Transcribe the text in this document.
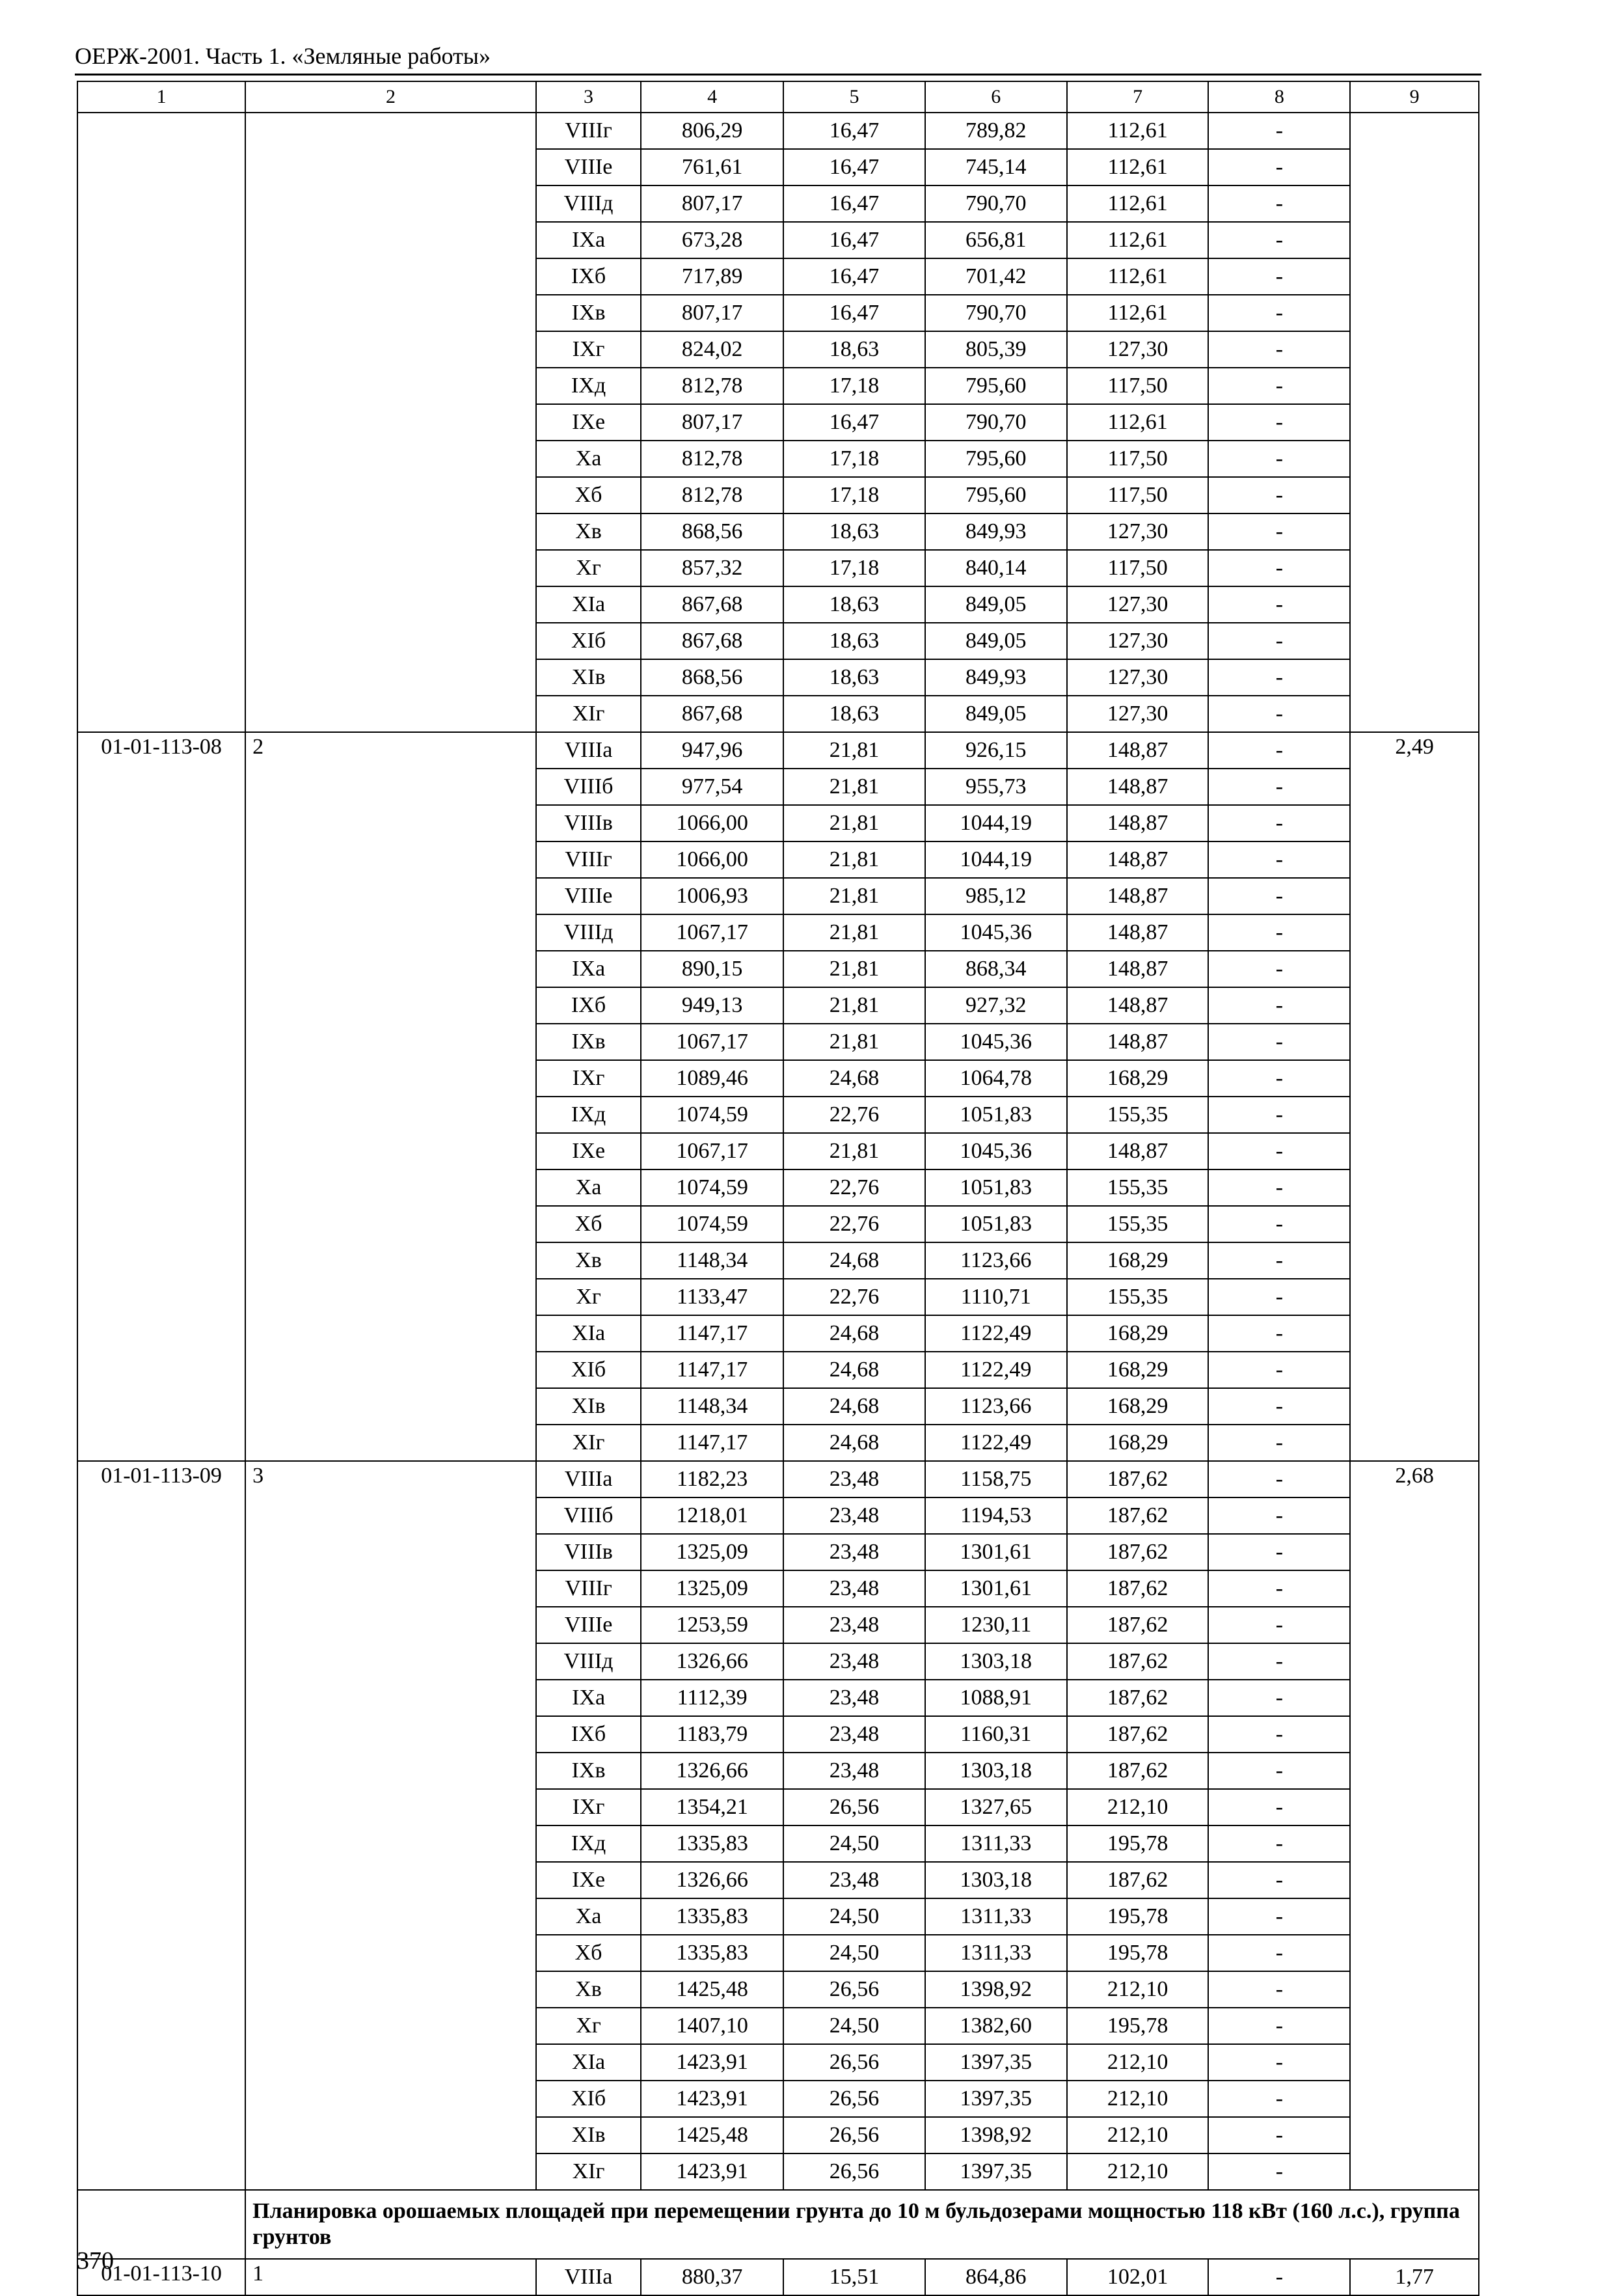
ОЕРЖ-2001. Часть 1. «Земляные работы»
1	2	3	4	5	6	7	8	9
		VIIIг	806,29	16,47	789,82	112,61	-	
		VIIIe	761,61	16,47	745,14	112,61	-	
		VIIIд	807,17	16,47	790,70	112,61	-	
		IXa	673,28	16,47	656,81	112,61	-	
		IXб	717,89	16,47	701,42	112,61	-	
		IXв	807,17	16,47	790,70	112,61	-	
		IXг	824,02	18,63	805,39	127,30	-	
		IXд	812,78	17,18	795,60	117,50	-	
		IXe	807,17	16,47	790,70	112,61	-	
		Xa	812,78	17,18	795,60	117,50	-	
		Xб	812,78	17,18	795,60	117,50	-	
		Xв	868,56	18,63	849,93	127,30	-	
		Xг	857,32	17,18	840,14	117,50	-	
		XIa	867,68	18,63	849,05	127,30	-	
		XIб	867,68	18,63	849,05	127,30	-	
		XIв	868,56	18,63	849,93	127,30	-	
		XIг	867,68	18,63	849,05	127,30	-	
01-01-113-08	2	VIIIa	947,96	21,81	926,15	148,87	-	2,49
		VIIIб	977,54	21,81	955,73	148,87	-	
		VIIIв	1066,00	21,81	1044,19	148,87	-	
		VIIIг	1066,00	21,81	1044,19	148,87	-	
		VIIIe	1006,93	21,81	985,12	148,87	-	
		VIIIд	1067,17	21,81	1045,36	148,87	-	
		IXa	890,15	21,81	868,34	148,87	-	
		IXб	949,13	21,81	927,32	148,87	-	
		IXв	1067,17	21,81	1045,36	148,87	-	
		IXг	1089,46	24,68	1064,78	168,29	-	
		IXд	1074,59	22,76	1051,83	155,35	-	
		IXe	1067,17	21,81	1045,36	148,87	-	
		Xa	1074,59	22,76	1051,83	155,35	-	
		Xб	1074,59	22,76	1051,83	155,35	-	
		Xв	1148,34	24,68	1123,66	168,29	-	
		Xг	1133,47	22,76	1110,71	155,35	-	
		XIa	1147,17	24,68	1122,49	168,29	-	
		XIб	1147,17	24,68	1122,49	168,29	-	
		XIв	1148,34	24,68	1123,66	168,29	-	
		XIг	1147,17	24,68	1122,49	168,29	-	
01-01-113-09	3	VIIIa	1182,23	23,48	1158,75	187,62	-	2,68
		VIIIб	1218,01	23,48	1194,53	187,62	-	
		VIIIв	1325,09	23,48	1301,61	187,62	-	
		VIIIг	1325,09	23,48	1301,61	187,62	-	
		VIIIe	1253,59	23,48	1230,11	187,62	-	
		VIIIд	1326,66	23,48	1303,18	187,62	-	
		IXa	1112,39	23,48	1088,91	187,62	-	
		IXб	1183,79	23,48	1160,31	187,62	-	
		IXв	1326,66	23,48	1303,18	187,62	-	
		IXг	1354,21	26,56	1327,65	212,10	-	
		IXд	1335,83	24,50	1311,33	195,78	-	
		IXe	1326,66	23,48	1303,18	187,62	-	
		Xa	1335,83	24,50	1311,33	195,78	-	
		Xб	1335,83	24,50	1311,33	195,78	-	
		Xв	1425,48	26,56	1398,92	212,10	-	
		Xг	1407,10	24,50	1382,60	195,78	-	
		XIa	1423,91	26,56	1397,35	212,10	-	
		XIб	1423,91	26,56	1397,35	212,10	-	
		XIв	1425,48	26,56	1398,92	212,10	-	
		XIг	1423,91	26,56	1397,35	212,10	-	
	Планировка орошаемых площадей при перемещении грунта до 10 м бульдозерами мощностью 118 кВт (160 л.с.), группа грунтов							
01-01-113-10	1	VIIIa	880,37	15,51	864,86	102,01	-	1,77
370
